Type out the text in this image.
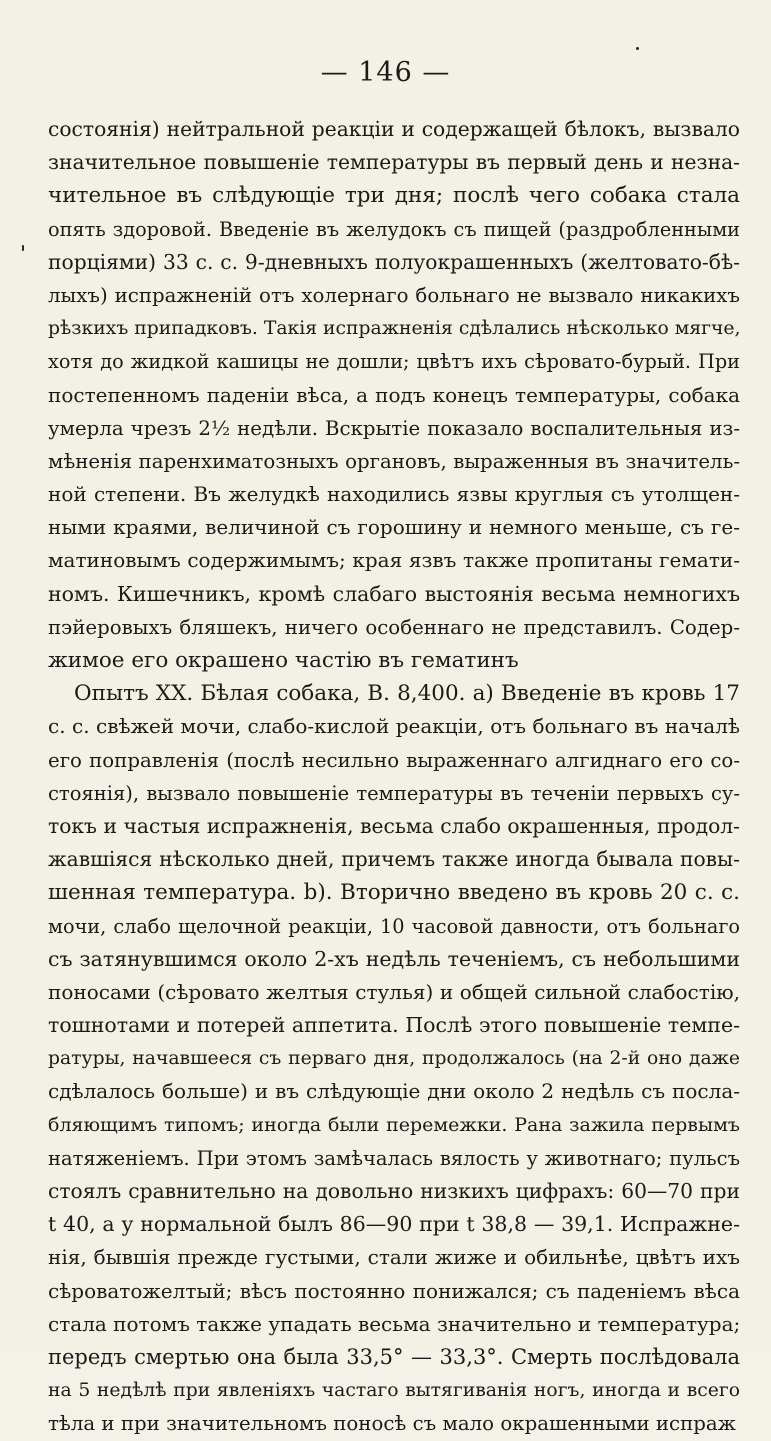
— 146 —
состоянія) нейтральной реакціи и содержащей бѣлокъ, вызвало
значительное повышеніе температуры въ первый день и незна-
чительное въ слѣдующіе три дня; послѣ чего собака стала
опять здоровой. Введеніе въ желудокъ съ пищей (раздробленными
порціями) 33 с. с. 9-дневныхъ полуокрашенныхъ (желтовато-бѣ-
лыхъ) испражненій отъ холернаго больнаго не вызвало никакихъ
рѣзкихъ припадковъ. Такія испражненія сдѣлались нѣсколько мягче,
хотя до жидкой кашицы не дошли; цвѣтъ ихъ сѣровато-бурый. При
постепенномъ паденіи вѣса, а подъ конецъ температуры, собака
умерла чрезъ 2½ недѣли. Вскрытіе показало воспалительныя из-
мѣненія паренхиматозныхъ органовъ, выраженныя въ значитель-
ной степени. Въ желудкѣ находились язвы круглыя съ утолщен-
ными краями, величиной съ горошину и немного меньше, съ ге-
матиновымъ содержимымъ; края язвъ также пропитаны гемати-
номъ. Кишечникъ, кромѣ слабаго выстоянія весьма немногихъ
пэйеровыхъ бляшекъ, ничего особеннаго не представилъ. Содер-
жимое его окрашено частію въ гематинъ
Опытъ XX. Бѣлая собака, В. 8,400. a) Введеніе въ кровь 17
с. с. свѣжей мочи, слабо-кислой реакціи, отъ больнаго въ началѣ
его поправленія (послѣ несильно выраженнаго алгиднаго его со-
стоянія), вызвало повышеніе температуры въ теченіи первыхъ су-
токъ и частыя испражненія, весьма слабо окрашенныя, продол-
жавшіяся нѣсколько дней, причемъ также иногда бывала повы-
шенная температура. b). Вторично введено въ кровь 20 с. с.
мочи, слабо щелочной реакціи, 10 часовой давности, отъ больнаго
съ затянувшимся около 2-хъ недѣль теченіемъ, съ небольшими
поносами (сѣровато желтыя стулья) и общей сильной слабостію,
тошнотами и потерей аппетита. Послѣ этого повышеніе темпе-
ратуры, начавшееся съ перваго дня, продолжалось (на 2-й оно даже
сдѣлалось больше) и въ слѣдующіе дни около 2 недѣль съ посла-
бляющимъ типомъ; иногда были перемежки. Рана зажила первымъ
натяженіемъ. При этомъ замѣчалась вялость у животнаго; пульсъ
стоялъ сравнительно на довольно низкихъ цифрахъ: 60—70 при
t 40, а у нормальной былъ 86—90 при t 38,8 — 39,1. Испражне-
нія, бывшія прежде густыми, стали жиже и обильнѣе, цвѣтъ ихъ
сѣроватожелтый; вѣсъ постоянно понижался; съ паденіемъ вѣса
стала потомъ также упадать весьма значительно и температура;
передъ смертью она была 33,5° — 33,3°. Смерть послѣдовала
на 5 недѣлѣ при явленіяхъ частаго вытягиванія ногъ, иногда и всего
тѣла и при значительномъ поносѣ съ мало окрашенными испраж
